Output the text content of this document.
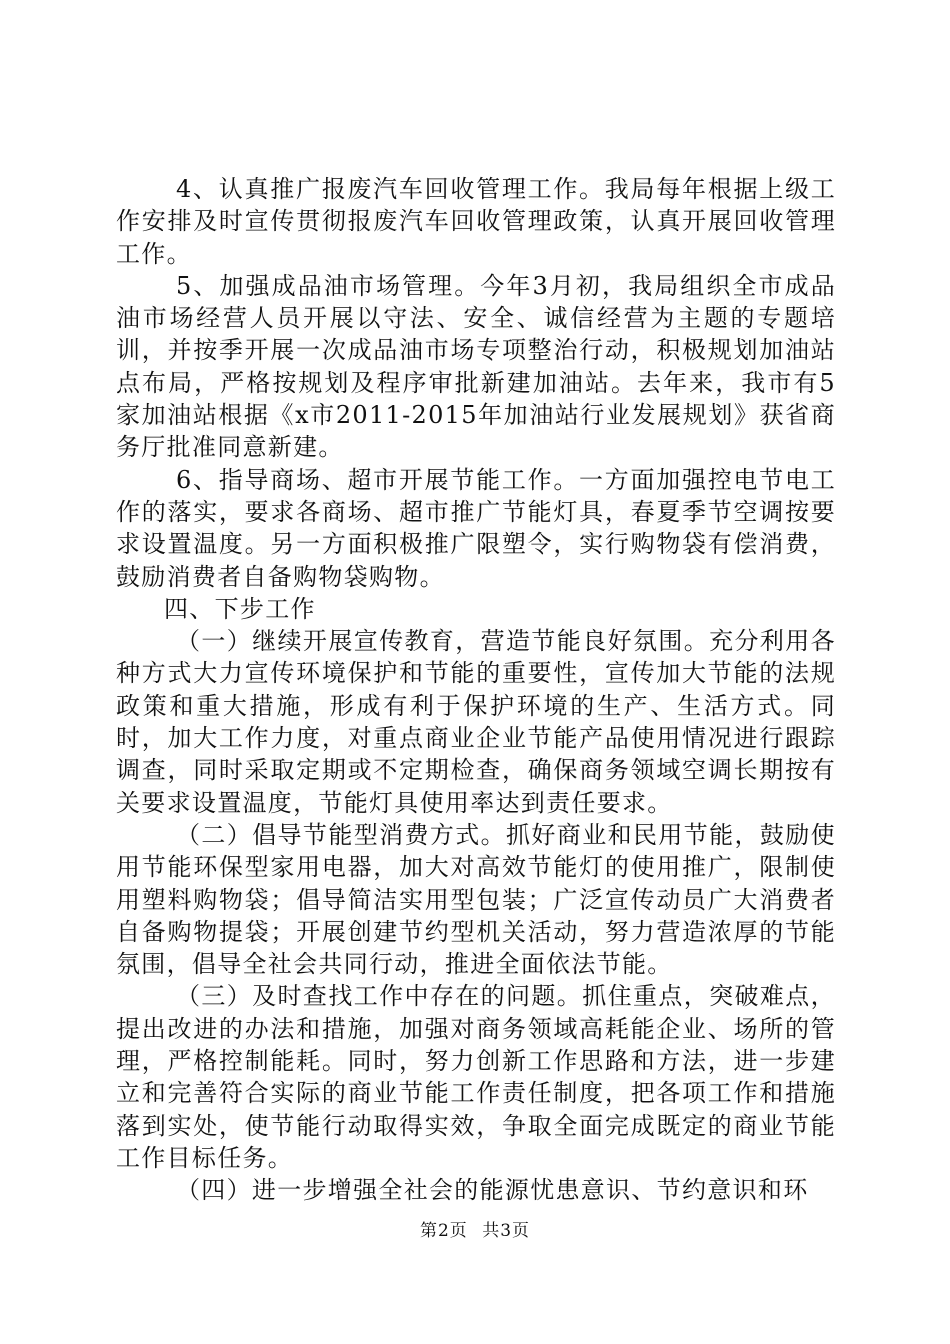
4、认真推广报废汽车回收管理工作。我局每年根据上级工作安排及时宣传贯彻报废汽车回收管理政策，认真开展回收管理工作。

5、加强成品油市场管理。今年3月初，我局组织全市成品油市场经营人员开展以守法、安全、诚信经营为主题的专题培训，并按季开展一次成品油市场专项整治行动，积极规划加油站点布局，严格按规划及程序审批新建加油站。去年来，我市有5家加油站根据《x市2011-2015年加油站行业发展规划》获省商务厅批准同意新建。

6、指导商场、超市开展节能工作。一方面加强控电节电工作的落实，要求各商场、超市推广节能灯具，春夏季节空调按要求设置温度。另一方面积极推广限塑令，实行购物袋有偿消费，鼓励消费者自备购物袋购物。

四、下步工作

（一）继续开展宣传教育，营造节能良好氛围。充分利用各种方式大力宣传环境保护和节能的重要性，宣传加大节能的法规政策和重大措施，形成有利于保护环境的生产、生活方式。同时，加大工作力度，对重点商业企业节能产品使用情况进行跟踪调查，同时采取定期或不定期检查，确保商务领域空调长期按有关要求设置温度，节能灯具使用率达到责任要求。

（二）倡导节能型消费方式。抓好商业和民用节能，鼓励使用节能环保型家用电器，加大对高效节能灯的使用推广，限制使用塑料购物袋；倡导简洁实用型包装；广泛宣传动员广大消费者自备购物提袋；开展创建节约型机关活动，努力营造浓厚的节能氛围，倡导全社会共同行动，推进全面依法节能。

（三）及时查找工作中存在的问题。抓住重点，突破难点，提出改进的办法和措施，加强对商务领域高耗能企业、场所的管理，严格控制能耗。同时，努力创新工作思路和方法，进一步建立和完善符合实际的商业节能工作责任制度，把各项工作和措施落到实处，使节能行动取得实效，争取全面完成既定的商业节能工作目标任务。

（四）进一步增强全社会的能源忧患意识、节约意识和环

第2页 共3页
